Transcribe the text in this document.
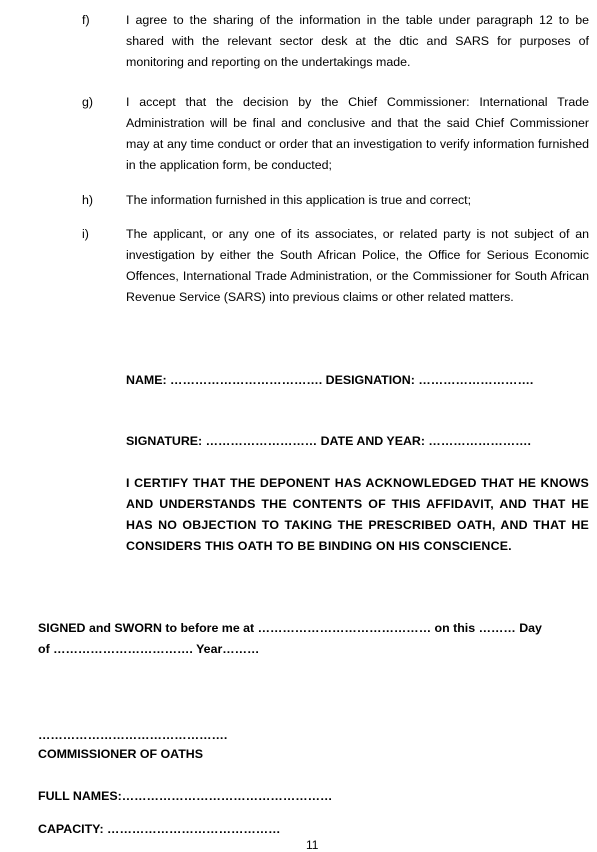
f)	I agree to the sharing of the information in the table under paragraph 12 to be shared with the relevant sector desk at the dtic and SARS for purposes of monitoring and reporting on the undertakings made.

g)	I accept that the decision by the Chief Commissioner: International Trade Administration will be final and conclusive and that the said Chief Commissioner may at any time conduct or order that an investigation to verify information furnished in the application form, be conducted;

h)	The information furnished in this application is true and correct;

i)	The applicant, or any one of its associates, or related party is not subject of an investigation by either the South African Police, the Office for Serious Economic Offences, International Trade Administration, or the Commissioner for South African Revenue Service (SARS) into previous claims or other related matters.

NAME: ………………………………. DESIGNATION: ……………………….
SIGNATURE: ……………………… DATE AND YEAR: …………………….

I CERTIFY THAT THE DEPONENT HAS ACKNOWLEDGED THAT HE KNOWS AND UNDERSTANDS THE CONTENTS OF THIS AFFIDAVIT, AND THAT HE HAS NO OBJECTION TO TAKING THE PRESCRIBED OATH, AND THAT HE CONSIDERS THIS OATH TO BE BINDING ON HIS CONSCIENCE.

SIGNED and SWORN to before me at …………………………………… on this ……… Day
of ……………………………. Year………
……………………………………….
COMMISSIONER OF OATHS
FULL NAMES:……………………………………………
CAPACITY: ……………………………………
11
